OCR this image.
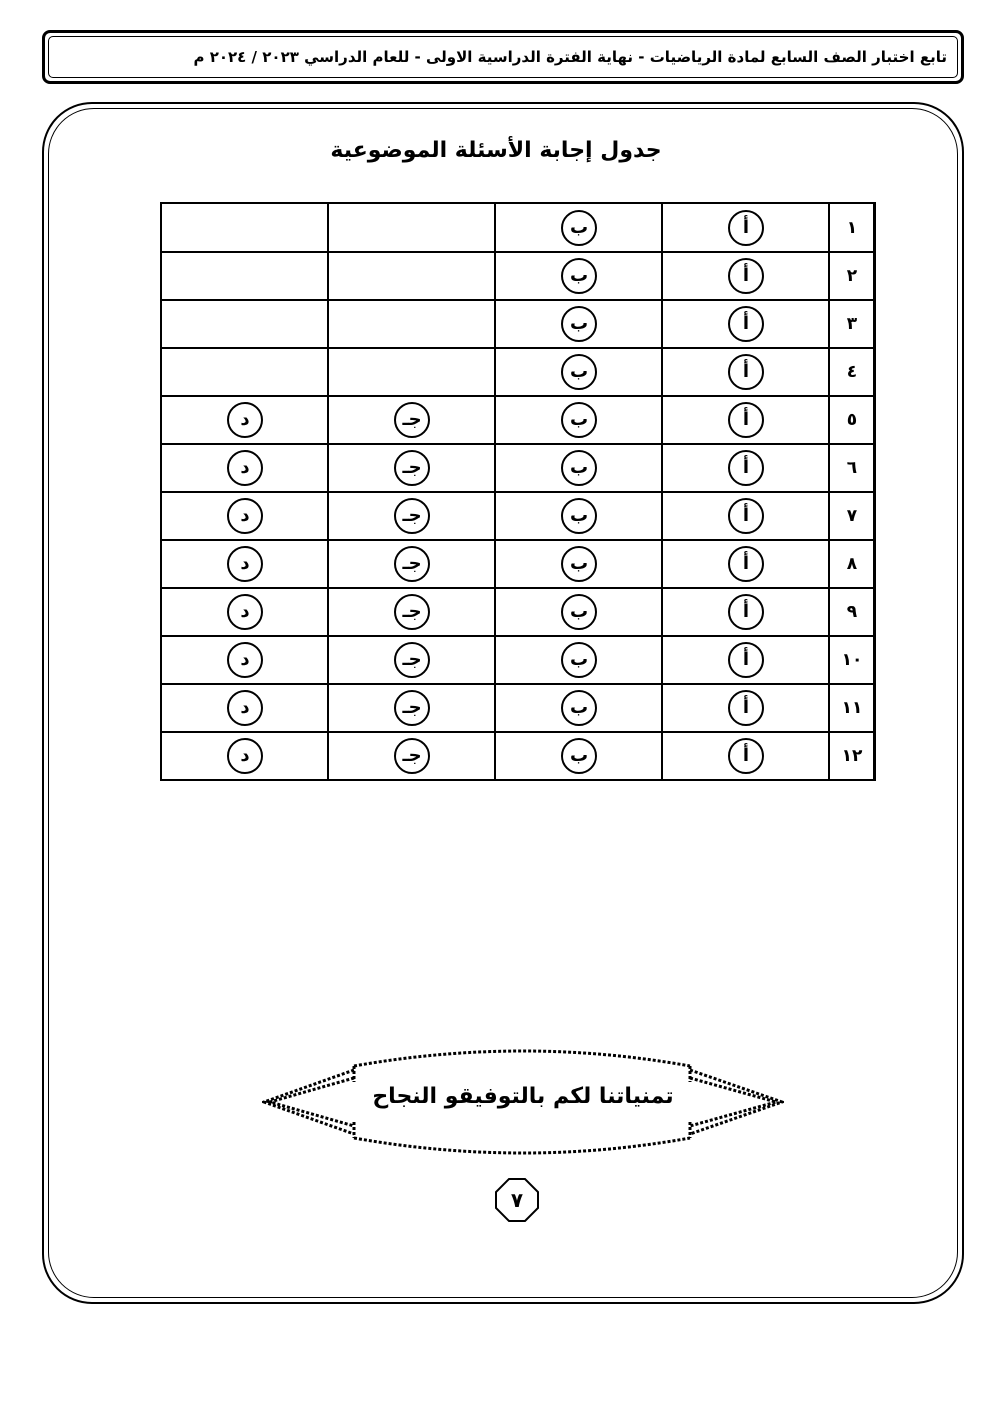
تابع اختبار الصف السابع لمادة الرياضيات - نهاية الفترة الدراسية الاولى - للعام الدراسي ٢٠٢٣ / ٢٠٢٤ م
جدول إجابة الأسئلة الموضوعية
١	أ	ب		
٢	أ	ب		
٣	أ	ب		
٤	أ	ب		
٥	أ	ب	جـ	د
٦	أ	ب	جـ	د
٧	أ	ب	جـ	د
٨	أ	ب	جـ	د
٩	أ	ب	جـ	د
١٠	أ	ب	جـ	د
١١	أ	ب	جـ	د
١٢	أ	ب	جـ	د
تمنياتنا لكم بالتوفيقو النجاح
٧
